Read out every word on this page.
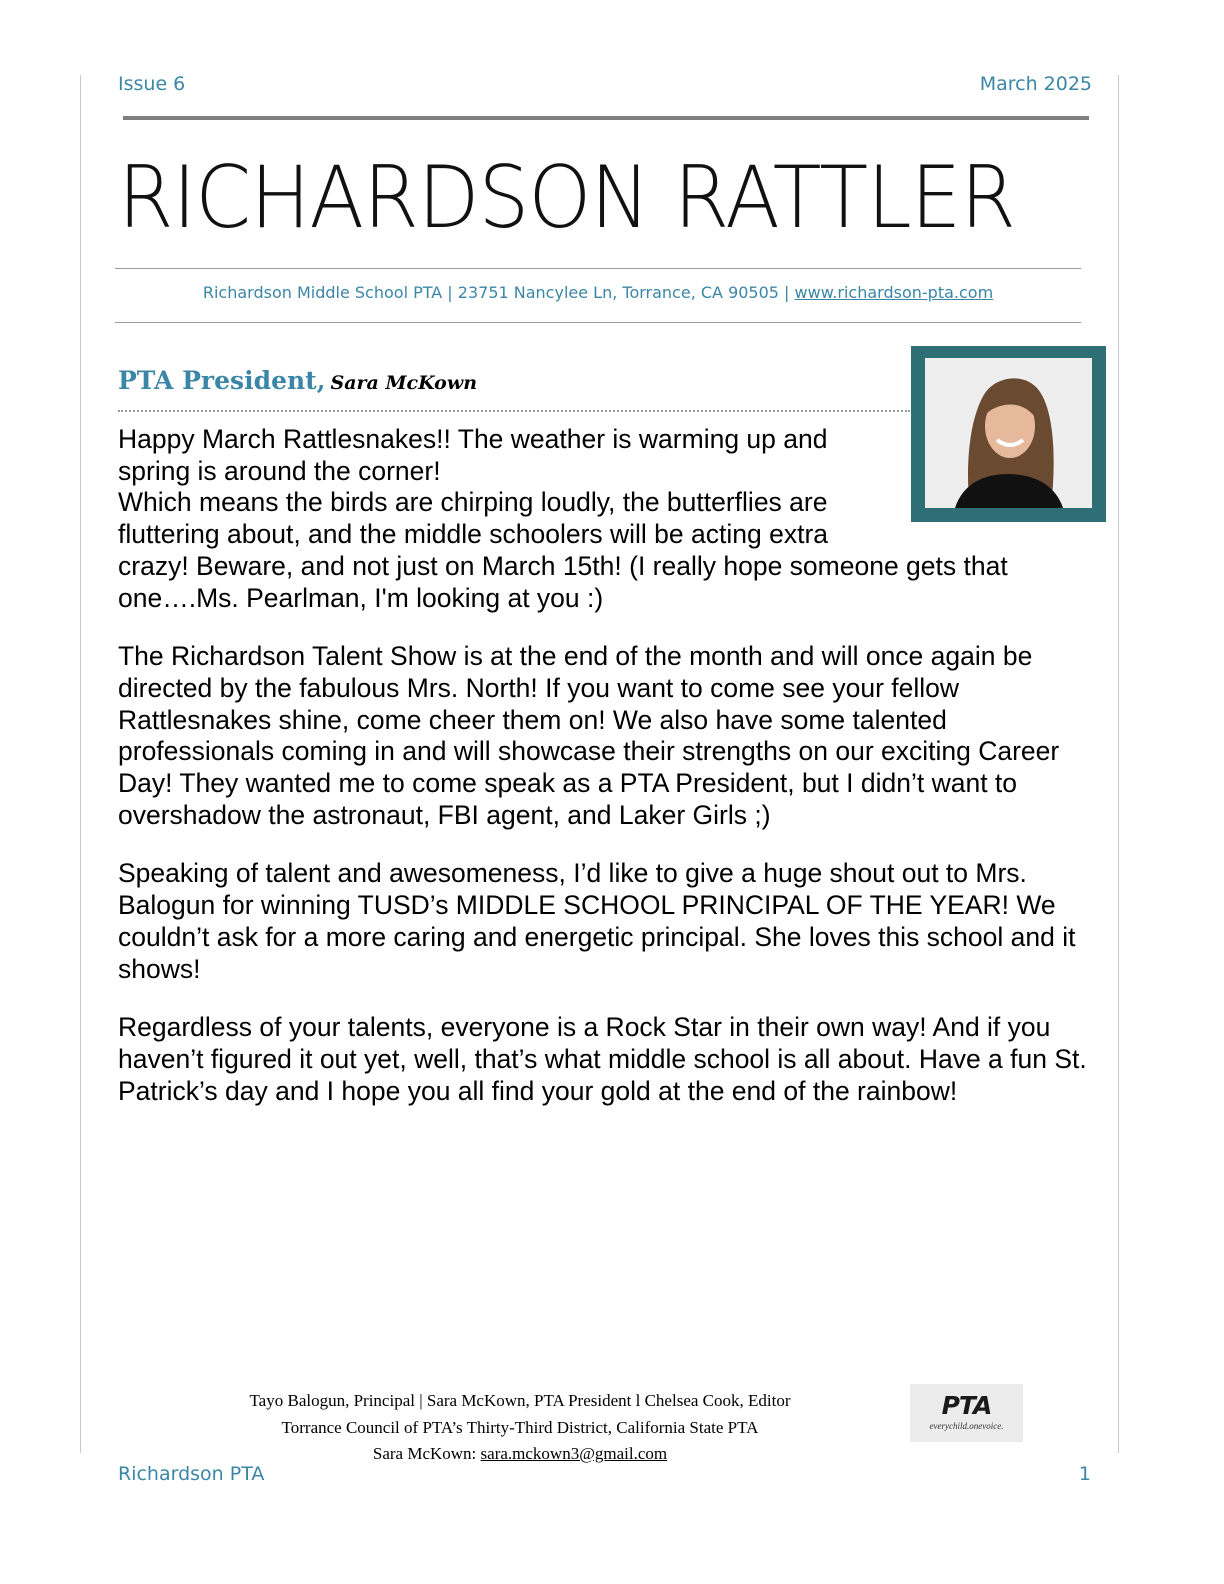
Issue 6	March 2025
RICHARDSON RATTLER
Richardson Middle School PTA | 23751 Nancylee Ln, Torrance, CA 90505 | www.richardson-pta.com
PTA President, Sara McKown

Happy March Rattlesnakes!! The weather is warming up and spring is around the corner!
Which means the birds are chirping loudly, the butterflies are fluttering about, and the middle schoolers will be acting extra crazy! Beware, and not just on March 15th! (I really hope someone gets that one….Ms. Pearlman, I'm looking at you :)

The Richardson Talent Show is at the end of the month and will once again be directed by the fabulous Mrs. North! If you want to come see your fellow Rattlesnakes shine, come cheer them on! We also have some talented professionals coming in and will showcase their strengths on our exciting Career Day! They wanted me to come speak as a PTA President, but I didn’t want to overshadow the astronaut, FBI agent, and Laker Girls ;)

Speaking of talent and awesomeness, I’d like to give a huge shout out to Mrs. Balogun for winning TUSD’s MIDDLE SCHOOL PRINCIPAL OF THE YEAR! We couldn’t ask for a more caring and energetic principal. She loves this school and it shows!

Regardless of your talents, everyone is a Rock Star in their own way! And if you haven’t figured it out yet, well, that’s what middle school is all about. Have a fun St. Patrick’s day and I hope you all find your gold at the end of the rainbow!

Tayo Balogun, Principal | Sara McKown, PTA President l Chelsea Cook, Editor
Torrance Council of PTA’s Thirty-Third District, California State PTA
Sara McKown: sara.mckown3@gmail.com
PTA
everychild.onevoice.
Richardson PTA	1
